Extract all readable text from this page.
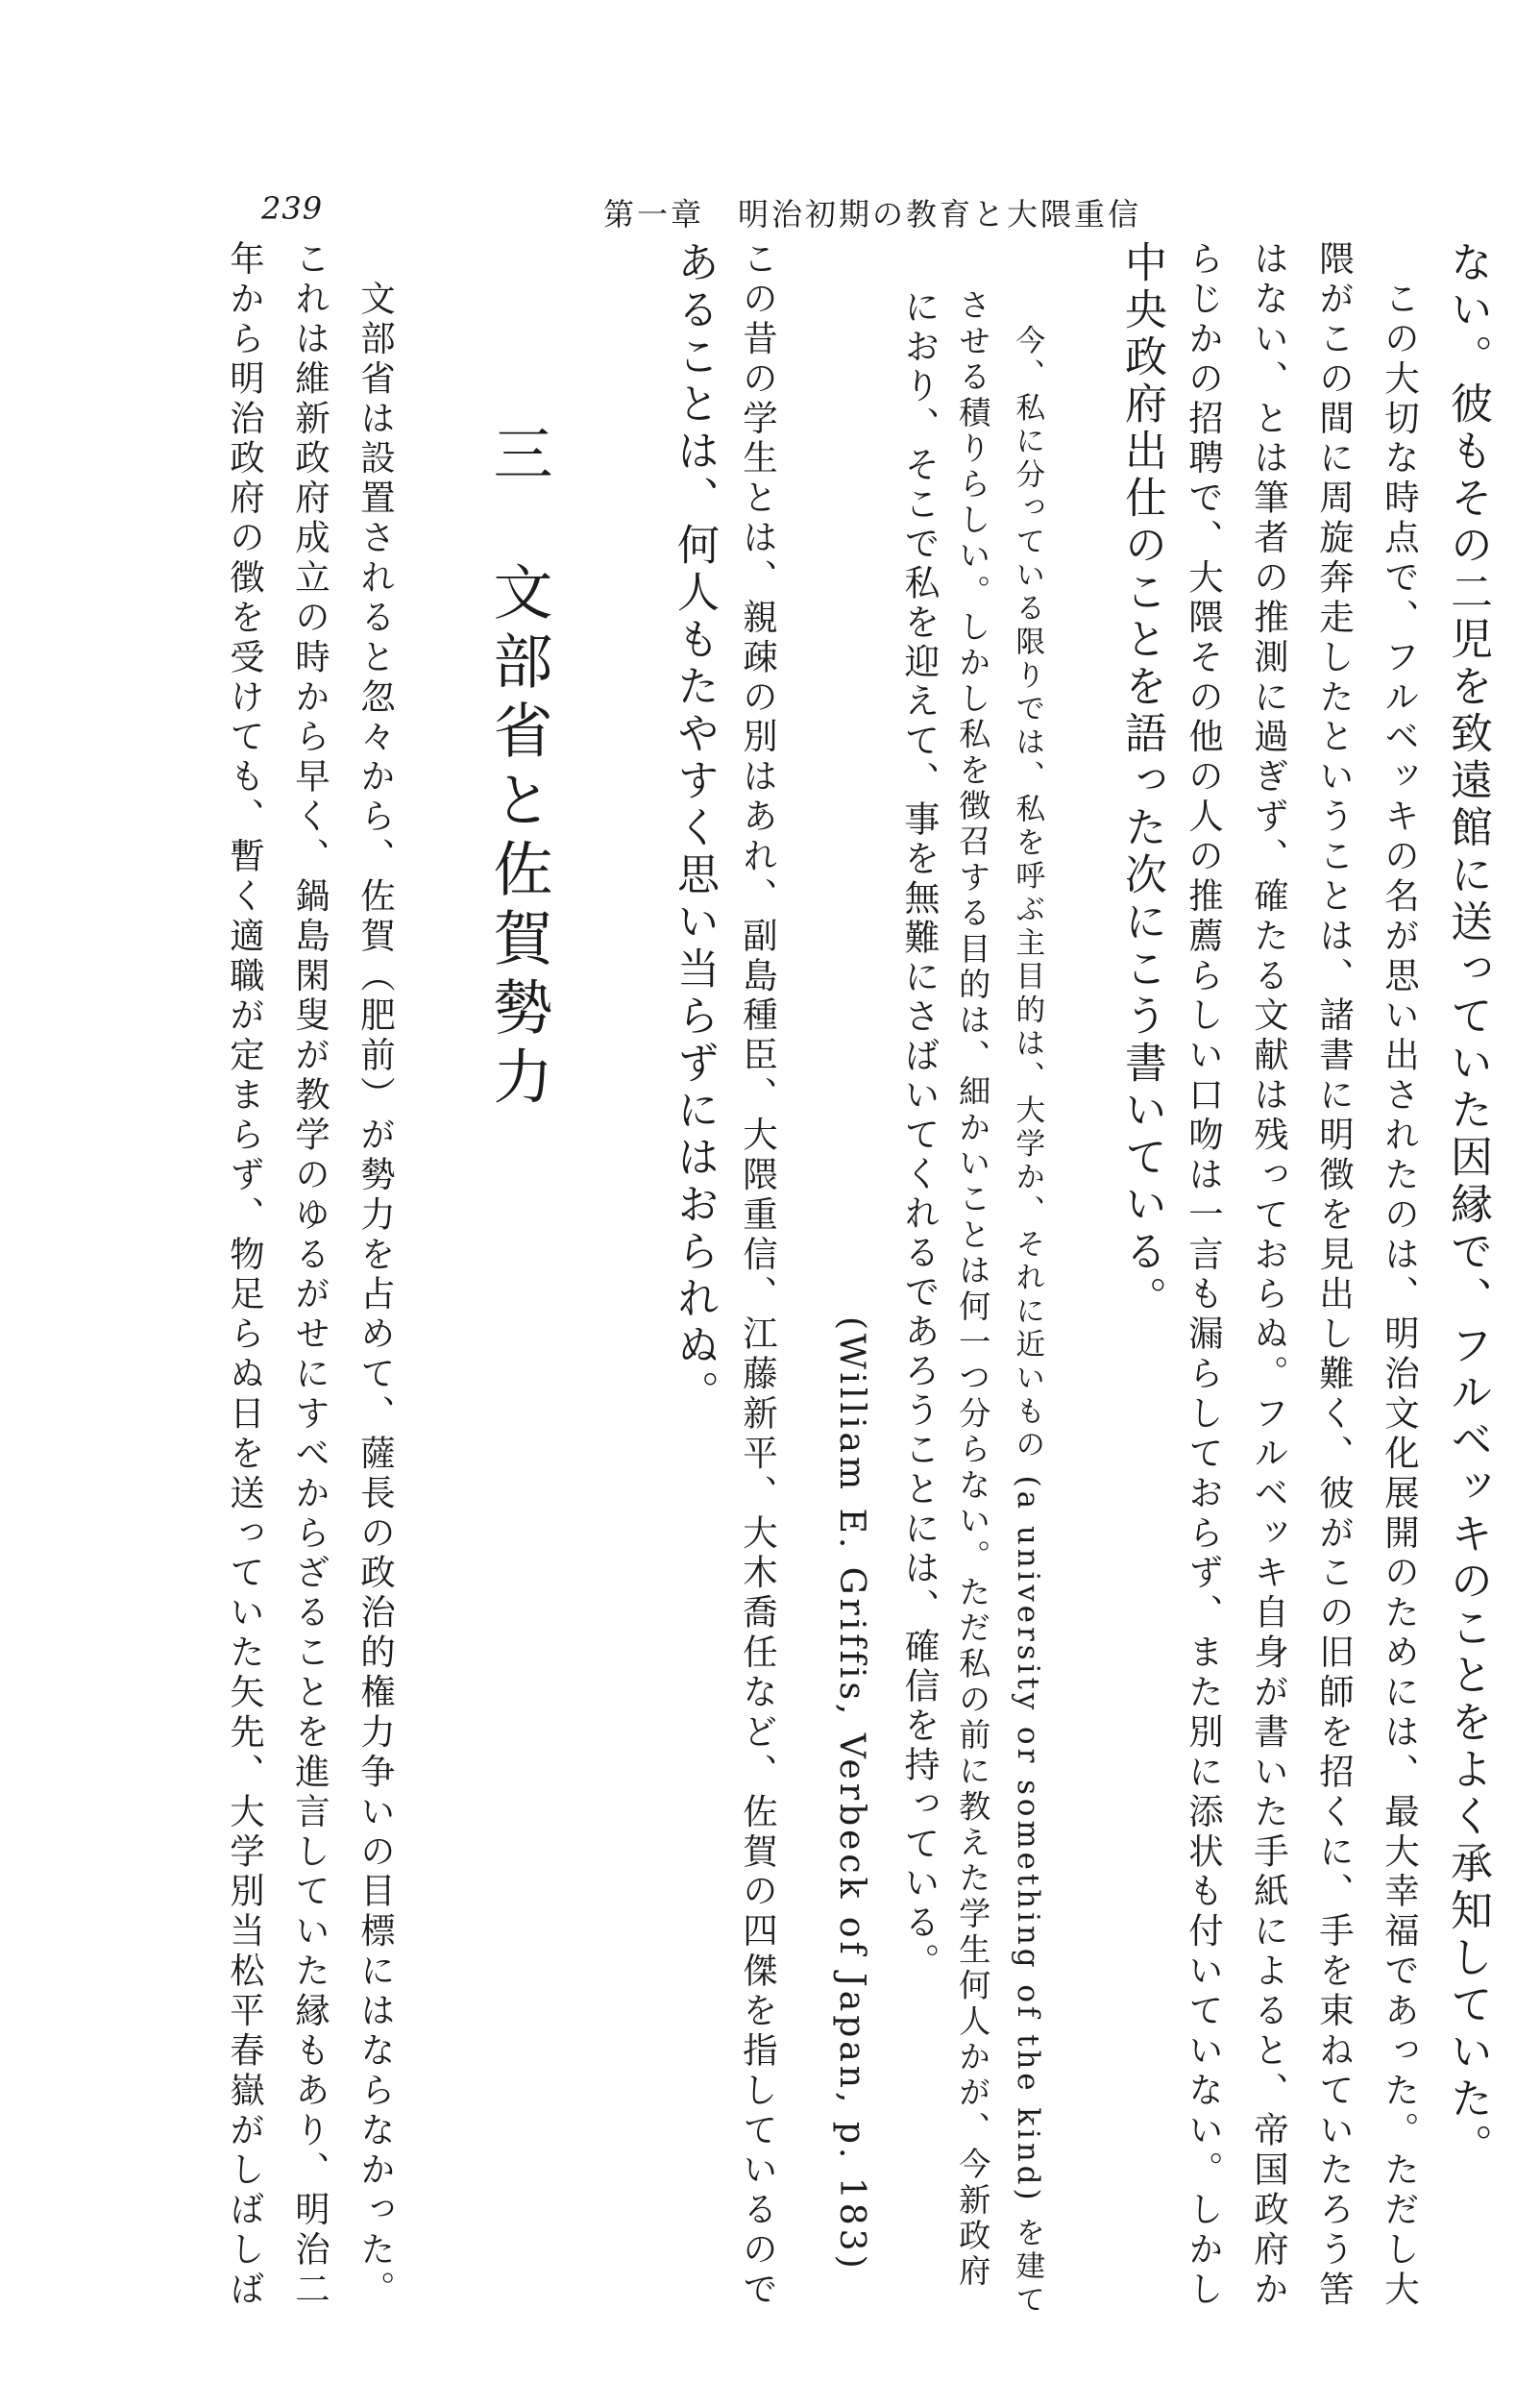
239	第一章　明治初期の教育と大隈重信
ない。彼もその二児を致遠館に送っていた因縁で、フルベッキのことをよく承知していた。
　この大切な時点で、フルベッキの名が思い出されたのは、明治文化展開のためには、最大幸福であった。ただし大
隈がこの間に周旋奔走したということは、諸書に明徴を見出し難く、彼がこの旧師を招くに、手を束ねていたろう筈
はない、とは筆者の推測に過ぎず、確たる文献は残っておらぬ。フルベッキ自身が書いた手紙によると、帝国政府か
らじかの招聘で、大隈その他の人の推薦らしい口吻は一言も漏らしておらず、また別に添状も付いていない。しかし
中央政府出仕のことを語った次にこう書いている。
今、私に分っている限りでは、私を呼ぶ主目的は、大学か、それに近いもの (a university or something of the kind) を建て
させる積りらしい。しかし私を徴召する目的は、細かいことは何一つ分らない。ただ私の前に教えた学生何人かが、今新政府
におり、そこで私を迎えて、事を無難にさばいてくれるであろうことには、確信を持っている。
(William E. Griffis, Verbeck of Japan, p. 183)
この昔の学生とは、親疎の別はあれ、副島種臣、大隈重信、江藤新平、大木喬任など、佐賀の四傑を指しているので
あることは、何人もたやすく思い当らずにはおられぬ。
三　文部省と佐賀勢力
　文部省は設置されると忽々から、佐賀（肥前）が勢力を占めて、薩長の政治的権力争いの目標にはならなかった。
これは維新政府成立の時から早く、鍋島閑叟が教学のゆるがせにすべからざることを進言していた縁もあり、明治二
年から明治政府の徴を受けても、暫く適職が定まらず、物足らぬ日を送っていた矢先、大学別当松平春嶽がしばしば
